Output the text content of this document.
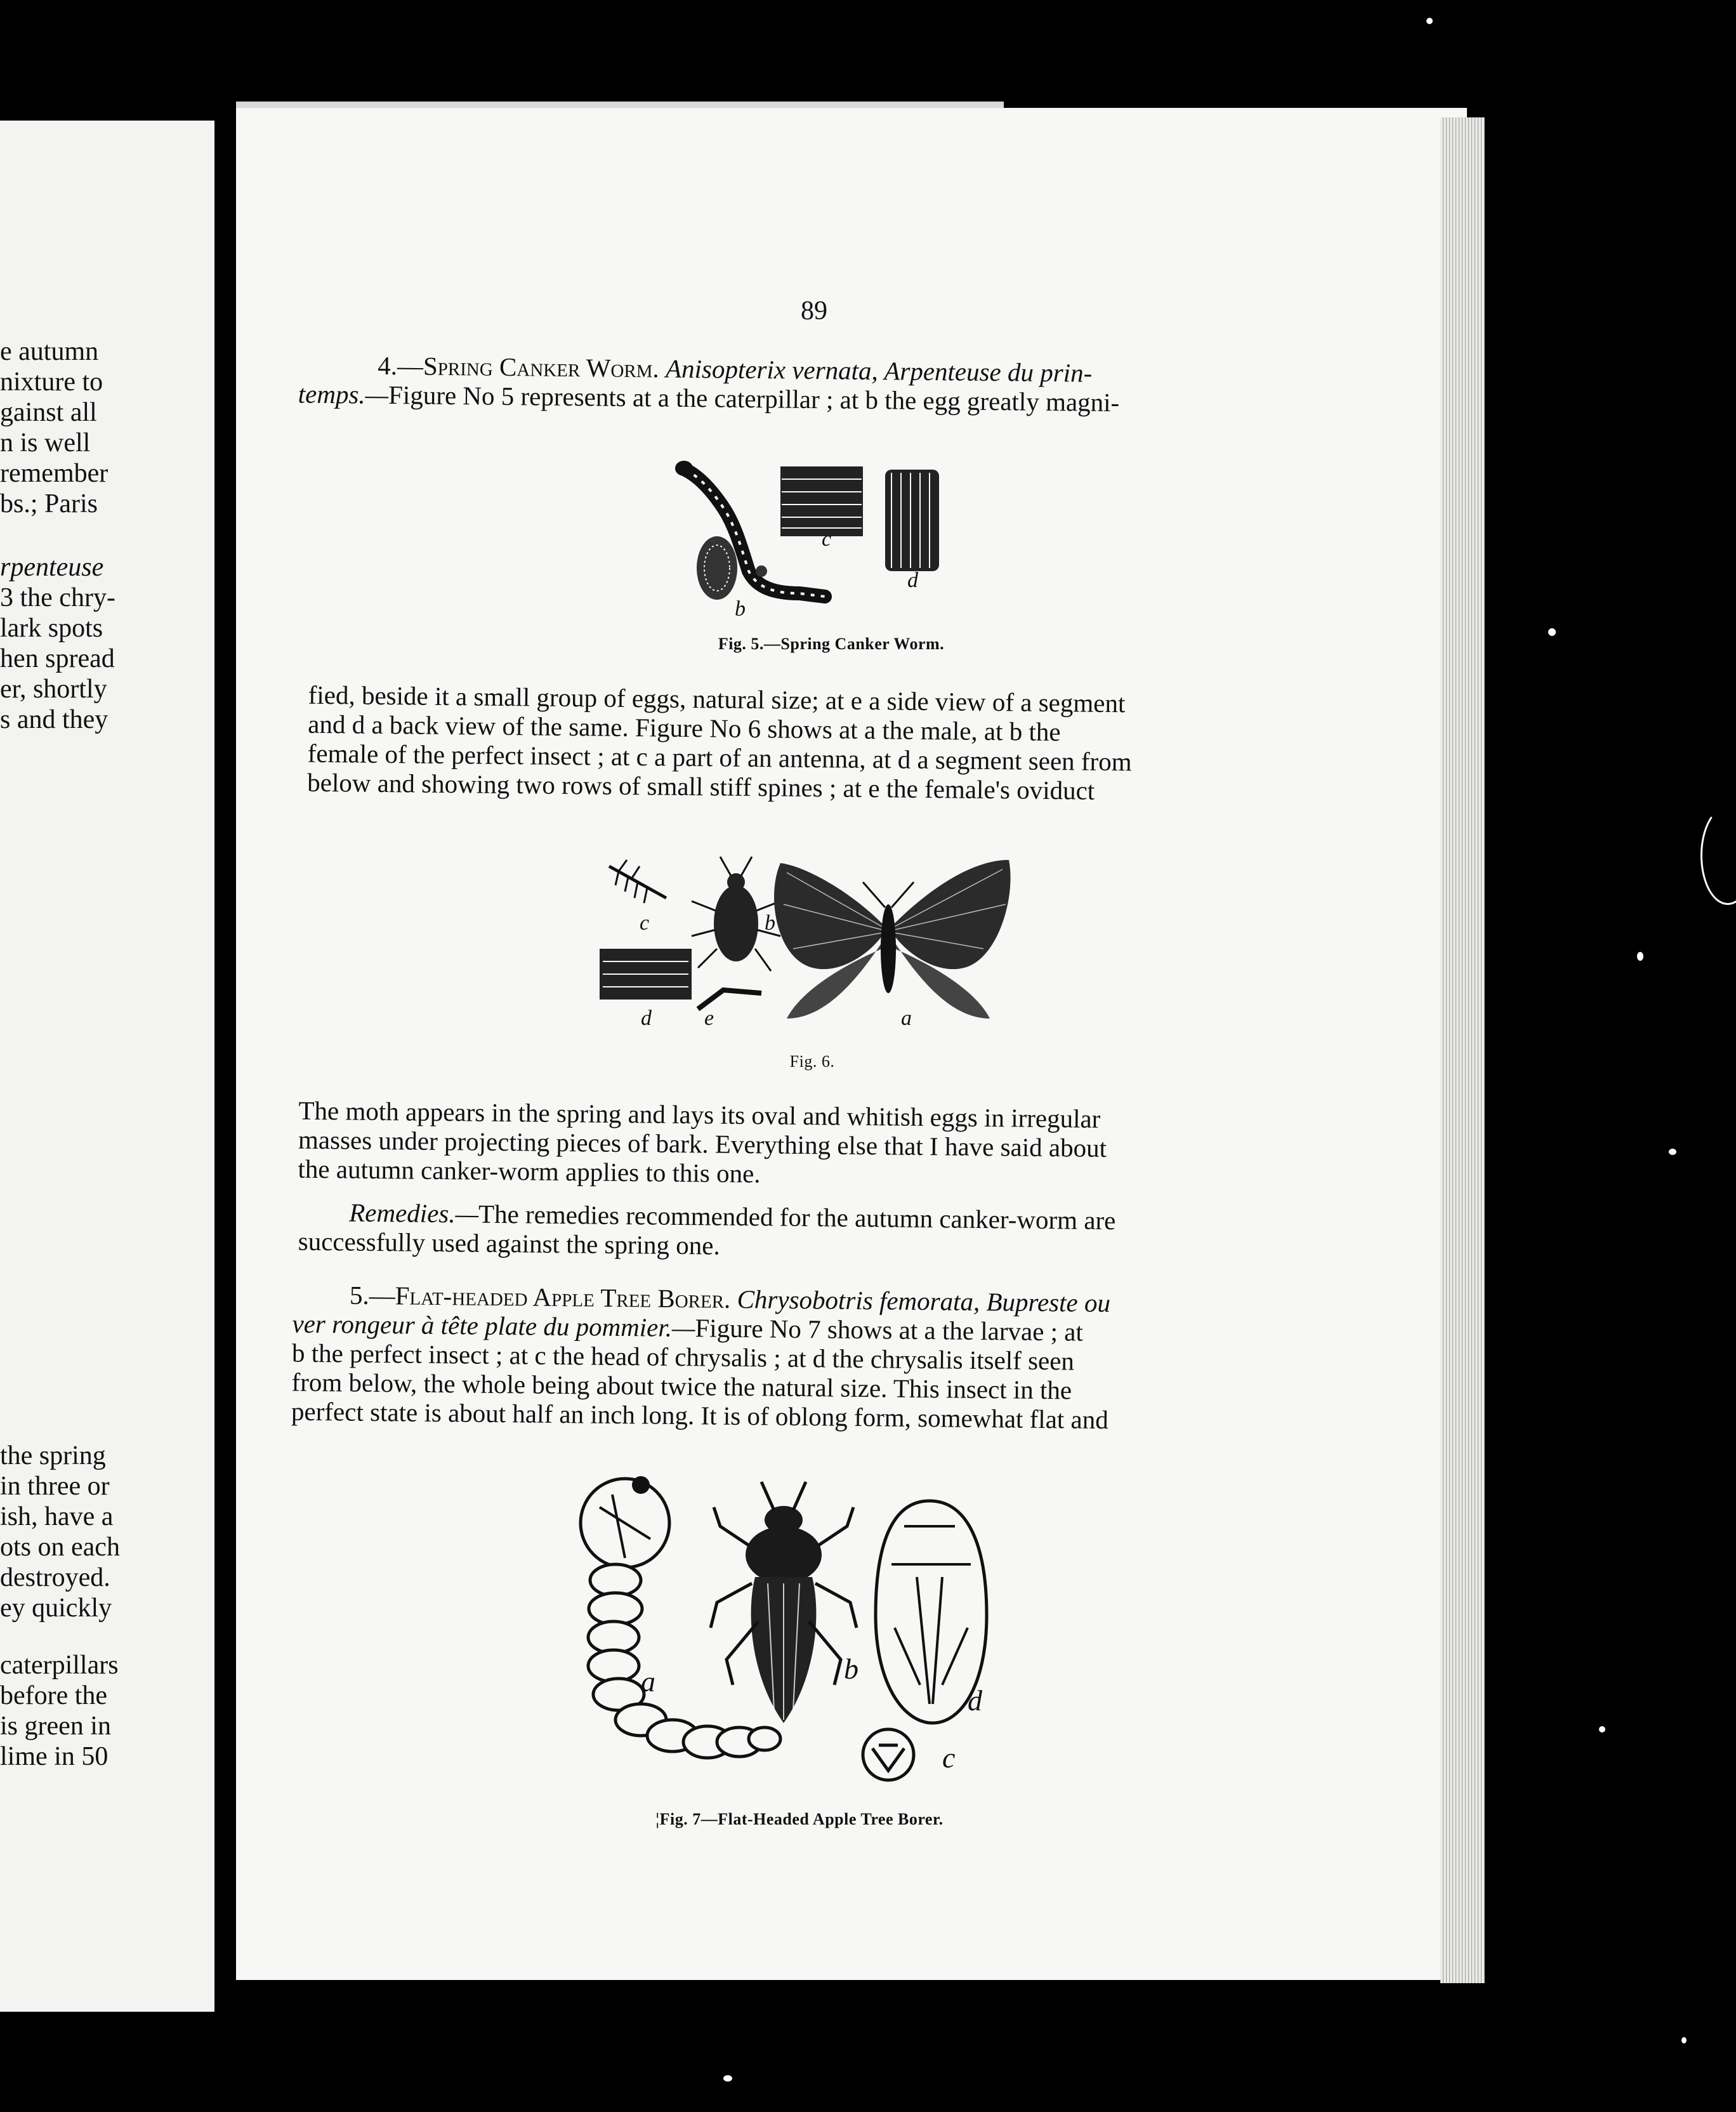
e autumn
nixture to
gainst all
n is well
remember
bs.; Paris
rpenteuse
3 the chry-
lark spots
hen spread
er, shortly
s and they
the spring
in three or
ish, have a
ots on each
destroyed.
ey quickly
caterpillars
before the
is green in
lime in 50
89
4.—Spring Canker Worm. Anisopterix vernata, Arpenteuse du prin-
temps.—Figure No 5 represents at a the caterpillar ; at b the egg greatly magni-
b
c
d
Fig. 5.—Spring Canker Worm.
fied, beside it a small group of eggs, natural size; at e a side view of a segment
and d a back view of the same. Figure No 6 shows at a the male, at b the
female of the perfect insect ; at c a part of an antenna, at d a segment seen from
below and showing two rows of small stiff spines ; at e the female's oviduct
c	b
d e	a
Fig. 6.
The moth appears in the spring and lays its oval and whitish eggs in irregular
masses under projecting pieces of bark. Everything else that I have said about
the autumn canker-worm applies to this one.
Remedies.—The remedies recommended for the autumn canker-worm are
successfully used against the spring one.
5.—Flat-headed Apple Tree Borer. Chrysobotris femorata, Bupreste ou
ver rongeur à tête plate du pommier.—Figure No 7 shows at a the larvae ; at
b the perfect insect ; at c the head of chrysalis ; at d the chrysalis itself seen
from below, the whole being about twice the natural size. This insect in the
perfect state is about half an inch long. It is of oblong form, somewhat flat and
a	b
d
c
¦Fig. 7—Flat-Headed Apple Tree Borer.
